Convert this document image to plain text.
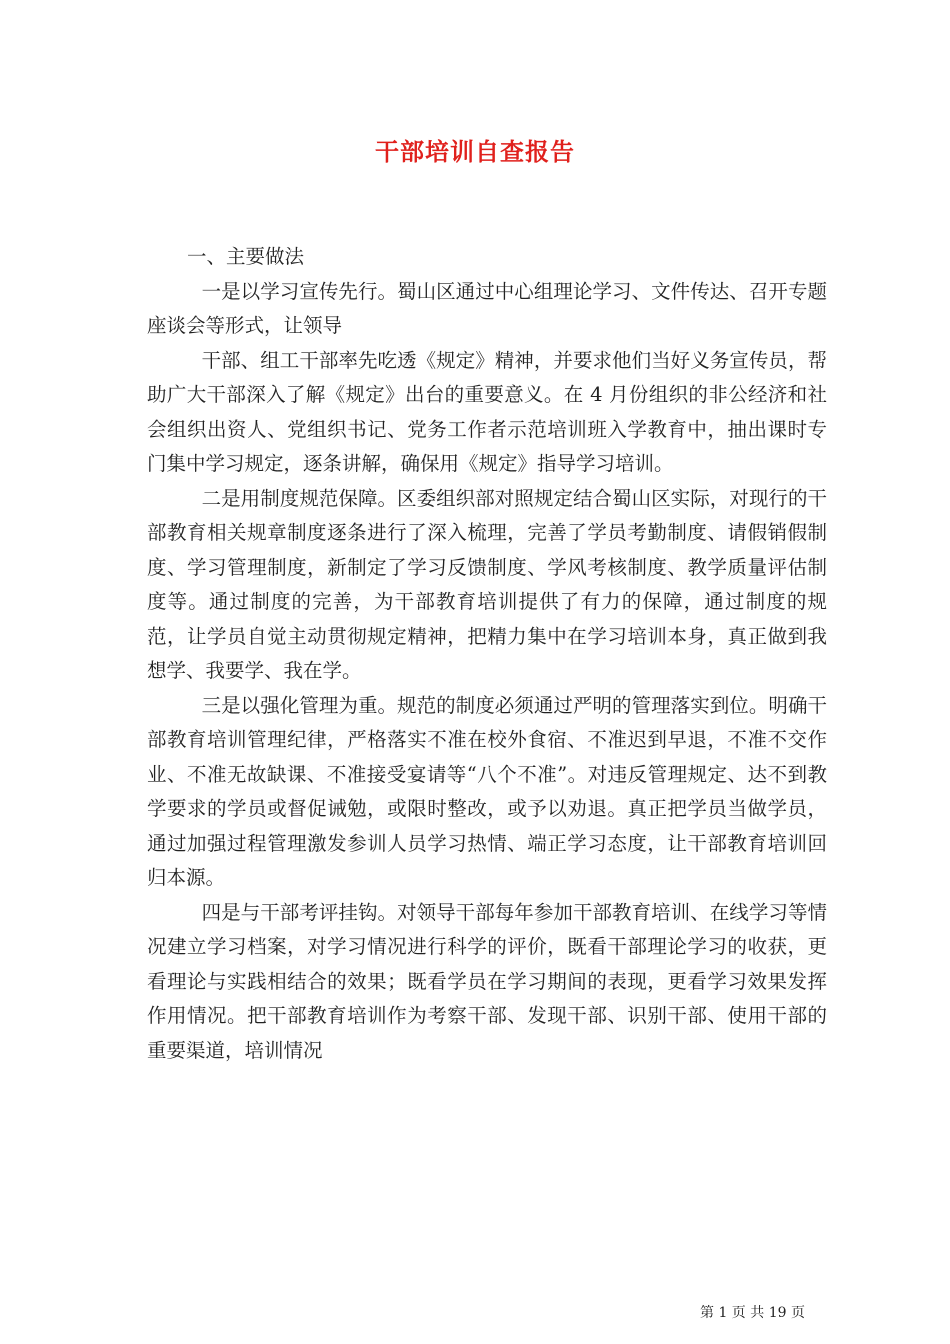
干部培训自查报告

一、主要做法

一是以学习宣传先行。蜀山区通过中心组理论学习、文件传达、召开专题座谈会等形式，让领导

干部、组工干部率先吃透《规定》精神，并要求他们当好义务宣传员，帮助广大干部深入了解《规定》出台的重要意义。在 4 月份组织的非公经济和社会组织出资人、党组织书记、党务工作者示范培训班入学教育中，抽出课时专门集中学习规定，逐条讲解，确保用《规定》指导学习培训。

二是用制度规范保障。区委组织部对照规定结合蜀山区实际，对现行的干部教育相关规章制度逐条进行了深入梳理，完善了学员考勤制度、请假销假制度、学习管理制度，新制定了学习反馈制度、学风考核制度、教学质量评估制度等。通过制度的完善，为干部教育培训提供了有力的保障，通过制度的规范，让学员自觉主动贯彻规定精神，把精力集中在学习培训本身，真正做到我想学、我要学、我在学。

三是以强化管理为重。规范的制度必须通过严明的管理落实到位。明确干部教育培训管理纪律，严格落实不准在校外食宿、不准迟到早退，不准不交作业、不准无故缺课、不准接受宴请等“八个不准”。对违反管理规定、达不到教学要求的学员或督促诫勉，或限时整改，或予以劝退。真正把学员当做学员，通过加强过程管理激发参训人员学习热情、端正学习态度，让干部教育培训回归本源。

四是与干部考评挂钩。对领导干部每年参加干部教育培训、在线学习等情况建立学习档案，对学习情况进行科学的评价，既看干部理论学习的收获，更看理论与实践相结合的效果；既看学员在学习期间的表现，更看学习效果发挥作用情况。把干部教育培训作为考察干部、发现干部、识别干部、使用干部的重要渠道，培训情况

第 1 页 共 19 页
